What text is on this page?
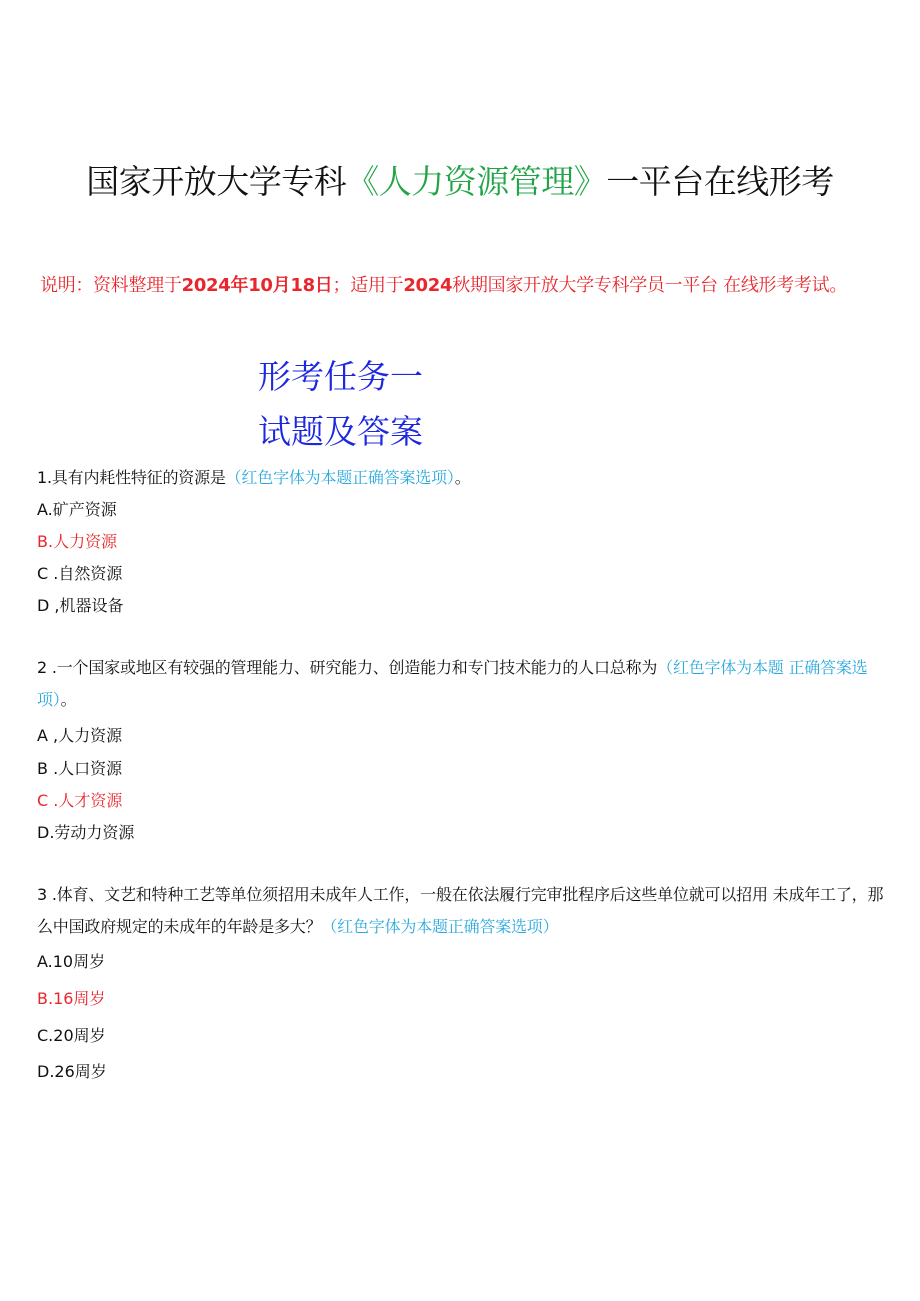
国家开放大学专科《人力资源管理》一平台在线形考
说明：资料整理于2024年10月18日；适用于2024秋期国家开放大学专科学员一平台 在线形考考试。
形考任务一
试题及答案
1.具有内耗性特征的资源是（红色字体为本题正确答案选项）。
A.矿产资源
B.人力资源
C .自然资源
D ,机器设备
2 .一个国家或地区有较强的管理能力、研究能力、创造能力和专门技术能力的人口总称为（红色字体为本题 正确答案选项）。
A ,人力资源
B .人口资源
C .人才资源
D.劳动力资源
3 .体育、文艺和特种工艺等单位须招用未成年人工作，一般在依法履行完审批程序后这些单位就可以招用 未成年工了，那么中国政府规定的未成年的年龄是多大？（红色字体为本题正确答案选项）
A.10周岁
B.16周岁
C.20周岁
D.26周岁
